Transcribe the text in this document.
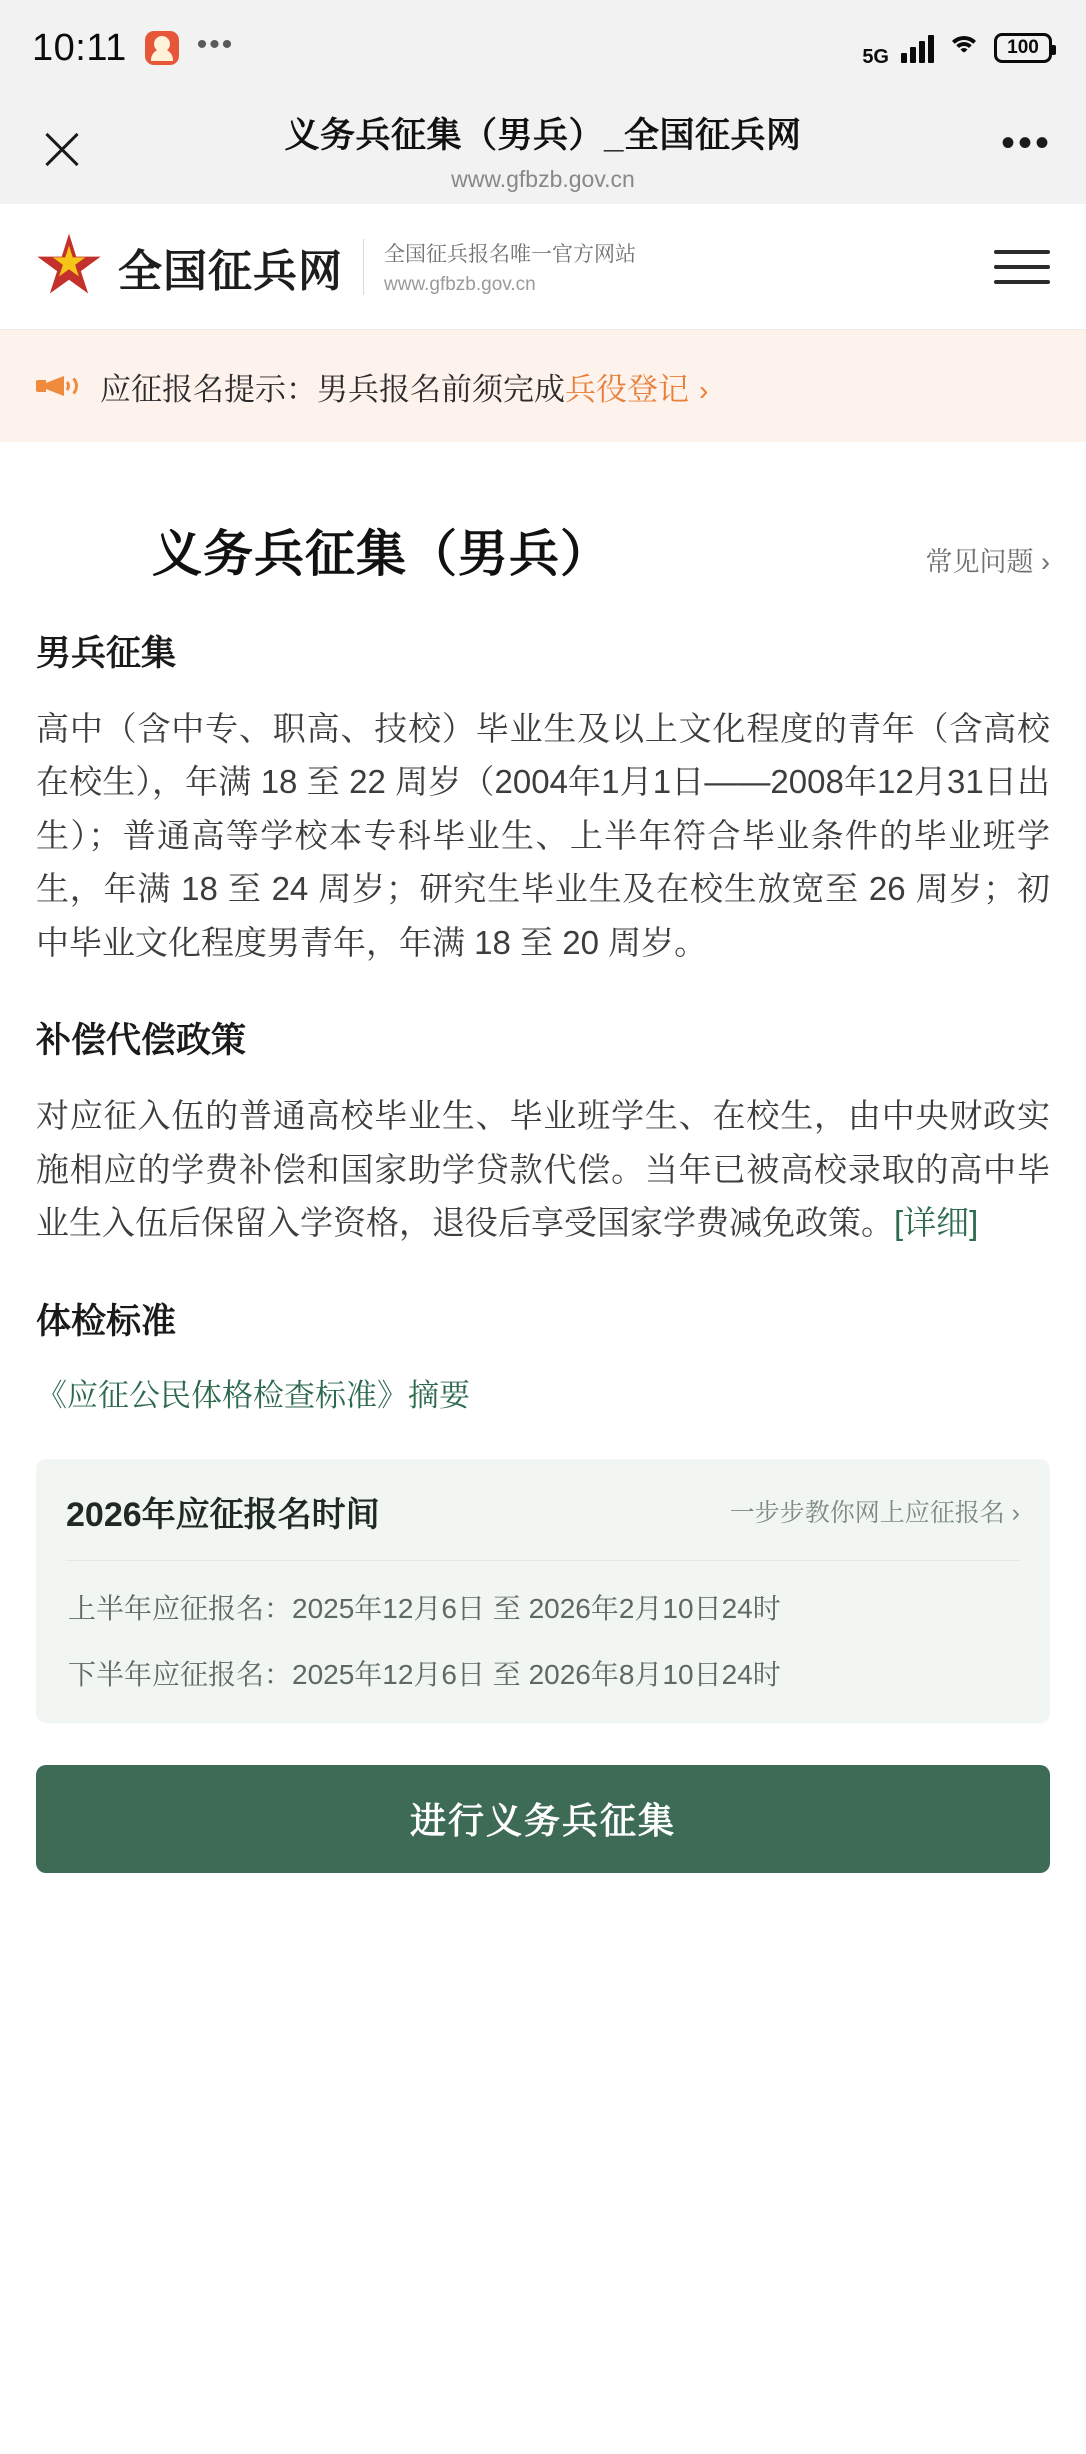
10:11 •••	5G	100
义务兵征集（男兵）_全国征兵网
www.gfbzb.gov.cn
•••
全国征兵网 全国征兵报名唯一官方网站
www.gfbzb.gov.cn
应征报名提示：男兵报名前须完成兵役登记 ›
义务兵征集（男兵）	常见问题 ›
男兵征集
高中（含中专、职高、技校）毕业生及以上文化程度的青年（含高校在校生），年满 18 至 22 周岁（2004年1月1日——2008年12月31日出生）；普通高等学校本专科毕业生、上半年符合毕业条件的毕业班学生，年满 18 至 24 周岁；研究生毕业生及在校生放宽至 26 周岁；初中毕业文化程度男青年，年满 18 至 20 周岁。
补偿代偿政策
对应征入伍的普通高校毕业生、毕业班学生、在校生，由中央财政实施相应的学费补偿和国家助学贷款代偿。当年已被高校录取的高中毕业生入伍后保留入学资格，退役后享受国家学费减免政策。[详细]
体检标准
《应征公民体格检查标准》摘要
2026年应征报名时间	一步步教你网上应征报名 ›
上半年应征报名：2025年12月6日 至 2026年2月10日24时
下半年应征报名：2025年12月6日 至 2026年8月10日24时
进行义务兵征集
